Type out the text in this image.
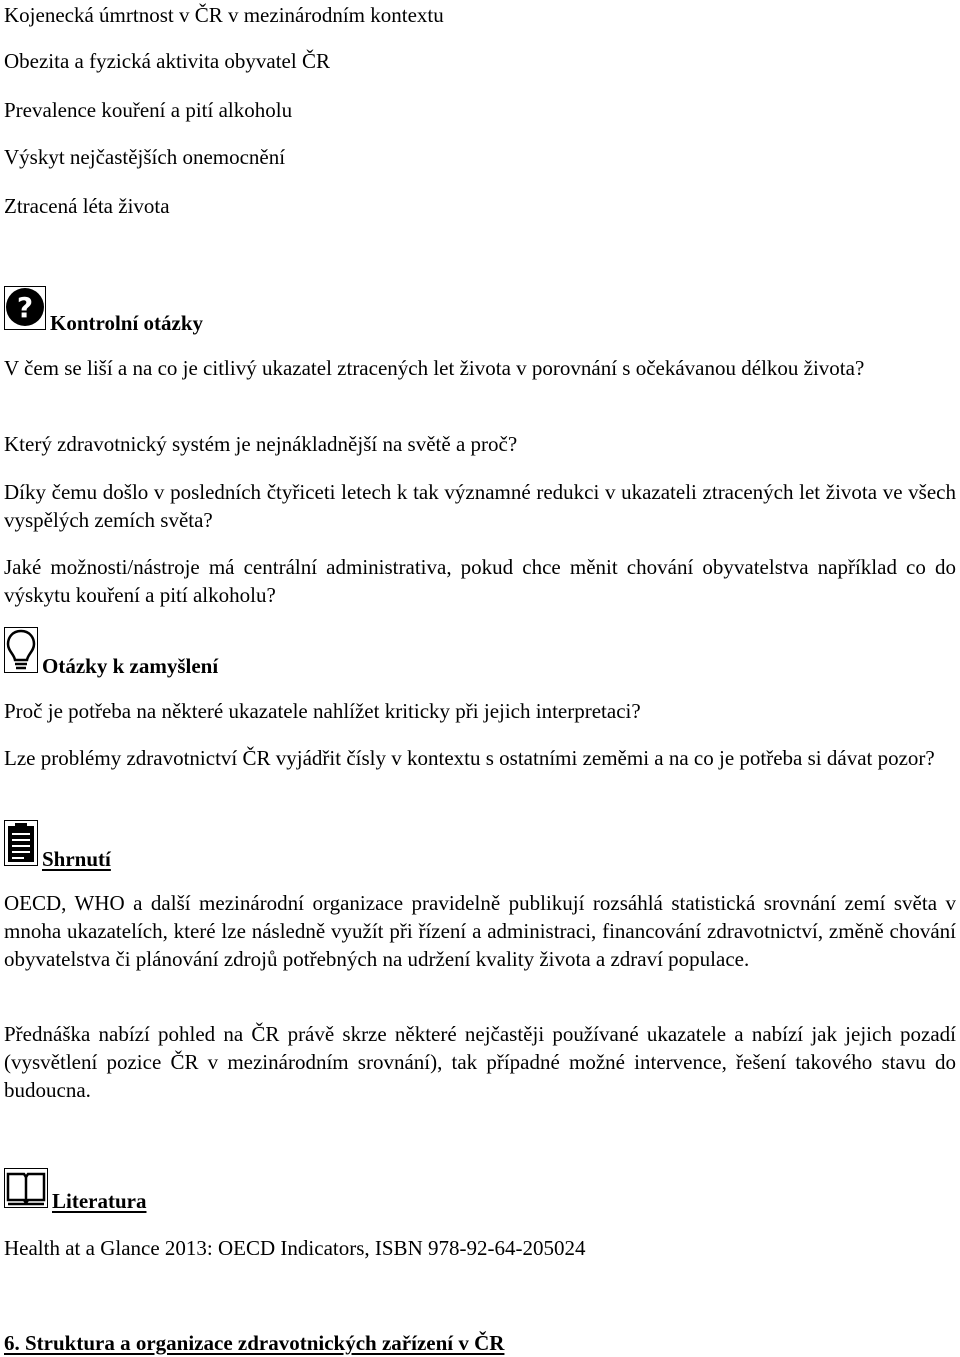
Kojenecká úmrtnost v ČR v mezinárodním kontextu
Obezita a fyzická aktivita obyvatel ČR
Prevalence kouření a pití alkoholu
Výskyt nejčastějších onemocnění
Ztracená léta života
? Kontrolní otázky
V čem se liší a na co je citlivý ukazatel ztracených let života v porovnání s očekávanou délkou života?
Který zdravotnický systém je nejnákladnější na světě a proč?
Díky čemu došlo v posledních čtyřiceti letech k tak významné redukci v ukazateli ztracených let života ve všech vyspělých zemích světa?
Jaké možnosti/nástroje má centrální administrativa, pokud chce měnit chování obyvatelstva například co do výskytu kouření a pití alkoholu?
Otázky k zamyšlení
Proč je potřeba na některé ukazatele nahlížet kriticky při jejich interpretaci?
Lze problémy zdravotnictví ČR vyjádřit čísly v kontextu s ostatními zeměmi a na co je potřeba si dávat pozor?
Shrnutí
OECD, WHO a další mezinárodní organizace pravidelně publikují rozsáhlá statistická srovnání zemí světa v mnoha ukazatelích, které lze následně využít při řízení a administraci, financování zdravotnictví, změně chování obyvatelstva či plánování zdrojů potřebných na udržení kvality života a zdraví populace.
Přednáška nabízí pohled na ČR právě skrze některé nejčastěji používané ukazatele a nabízí jak jejich pozadí (vysvětlení pozice ČR v mezinárodním srovnání), tak případné možné intervence, řešení takového stavu do budoucna.
Literatura
Health at a Glance 2013: OECD Indicators, ISBN 978-92-64-205024
6. Struktura a organizace zdravotnických zařízení v ČR
